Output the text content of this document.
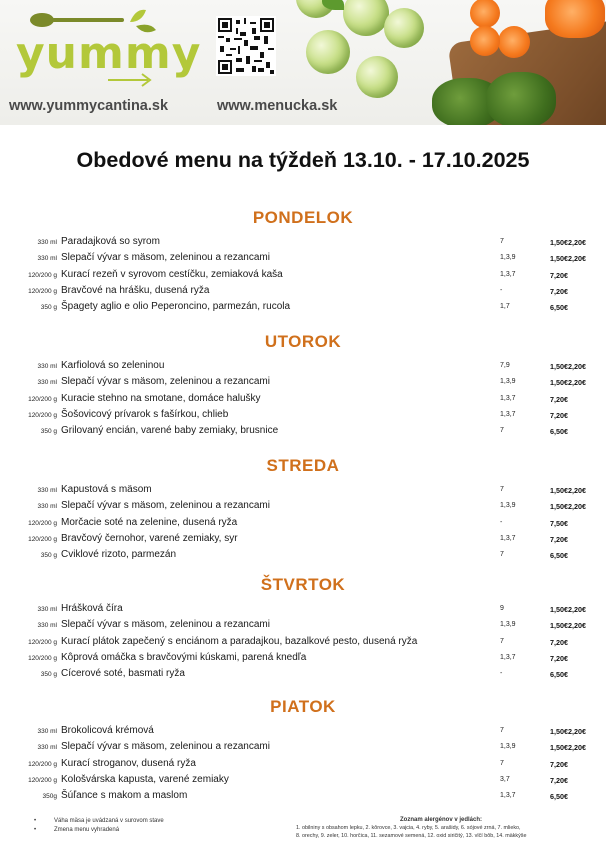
yummy
www.yummycantina.sk	www.menucka.sk
Obedové menu na týždeň 13.10. - 17.10.2025
PONDELOK
330 ml Paradajková so syrom	7	1,50€2,20€
330 ml Slepačí vývar s mäsom, zeleninou a rezancami	1,3,9	1,50€2,20€
120/200 g Kurací rezeň v syrovom cestíčku, zemiaková kaša	1,3,7	7,20€
120/200 g Bravčové na hrášku, dusená ryža	-	7,20€
350 g Špagety aglio e olio Peperoncino, parmezán, rucola	1,7	6,50€
UTOROK
330 ml Karfiolová so zeleninou	7,9	1,50€2,20€
330 ml Slepačí vývar s mäsom, zeleninou a rezancami	1,3,9	1,50€2,20€
120/200 g Kuracie stehno na smotane, domáce halušky	1,3,7	7,20€
120/200 g Šošovicový prívarok s fašírkou, chlieb	1,3,7	7,20€
350 g Grilovaný encián, varené baby zemiaky, brusnice	7	6,50€
STREDA
330 ml Kapustová s mäsom	7	1,50€2,20€
330 ml Slepačí vývar s mäsom, zeleninou a rezancami	1,3,9	1,50€2,20€
120/200 g Morčacie soté na zelenine, dusená ryža	-	7,50€
120/200 g Bravčový černohor, varené zemiaky, syr	1,3,7	7,20€
350 g Cviklové rizoto, parmezán	7	6,50€
ŠTVRTOK
330 ml Hrášková číra	9	1,50€2,20€
330 ml Slepačí vývar s mäsom, zeleninou a rezancami	1,3,9	1,50€2,20€
120/200 g Kurací plátok zapečený s enciánom a paradajkou, bazalkové pesto, dusená ryža	7	7,20€
120/200 g Kôprová omáčka s bravčovými kúskami, parená knedľa	1,3,7	7,20€
350 g Cícerové soté, basmati ryža	-	6,50€
PIATOK
330 ml Brokolicová krémová	7	1,50€2,20€
330 ml Slepačí vývar s mäsom, zeleninou a rezancami	1,3,9	1,50€2,20€
120/200 g Kurací stroganov, dusená ryža	7	7,20€
120/200 g Kološvárska kapusta, varené zemiaky	3,7	7,20€
350g Šúľance s makom a maslom	1,3,7	6,50€
•	Váha mäsa je uvádzaná v surovom stave
•	Zmena menu vyhradená
Zoznam alergénov v jedlách:
1. obilniny s obsahom lepku, 2. kôrovce, 3. vajcia, 4. ryby, 5. arašidy, 6. sójové zrná, 7. mlieko,
8. orechy, 9. zeler, 10. horčica, 11. sezamové semená, 12. oxid siričitý, 13. vlčí bôb, 14. mäkkýše
